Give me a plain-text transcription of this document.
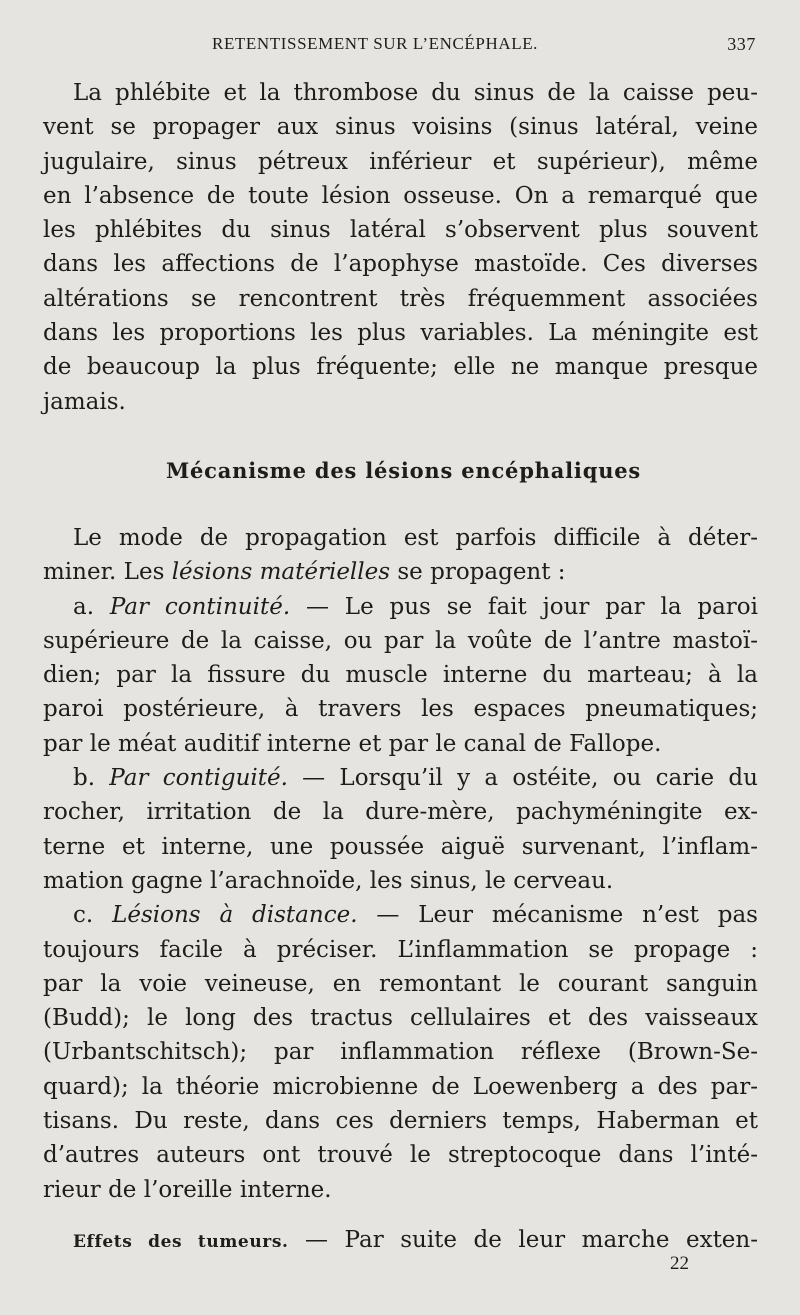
RETENTISSEMENT SUR L’ENCÉPHALE.	337
La phlébite et la thrombose du sinus de la caisse peu-
vent se propager aux sinus voisins (sinus latéral, veine
jugulaire, sinus pétreux inférieur et supérieur), même
en l’absence de toute lésion osseuse. On a remarqué que
les phlébites du sinus latéral s’observent plus souvent
dans les affections de l’apophyse mastoïde. Ces diverses
altérations se rencontrent très fréquemment associées
dans les proportions les plus variables. La méningite est
de beaucoup la plus fréquente; elle ne manque presque
jamais.
Mécanisme des lésions encéphaliques
Le mode de propagation est parfois difficile à déter-
miner. Les lésions matérielles se propagent :
a. Par continuité. — Le pus se fait jour par la paroi
supérieure de la caisse, ou par la voûte de l’antre mastoï-
dien; par la fissure du muscle interne du marteau; à la
paroi postérieure, à travers les espaces pneumatiques;
par le méat auditif interne et par le canal de Fallope.
b. Par contiguité. — Lorsqu’il y a ostéite, ou carie du
rocher, irritation de la dure-mère, pachyméningite ex-
terne et interne, une poussée aiguë survenant, l’inflam-
mation gagne l’arachnoïde, les sinus, le cerveau.
c. Lésions à distance. — Leur mécanisme n’est pas
toujours facile à préciser. L’inflammation se propage :
par la voie veineuse, en remontant le courant sanguin
(Budd); le long des tractus cellulaires et des vaisseaux
(Urbantschitsch); par inflammation réflexe (Brown-Se-
quard); la théorie microbienne de Loewenberg a des par-
tisans. Du reste, dans ces derniers temps, Haberman et
d’autres auteurs ont trouvé le streptocoque dans l’inté-
rieur de l’oreille interne.
Effets des tumeurs. — Par suite de leur marche exten-
22
